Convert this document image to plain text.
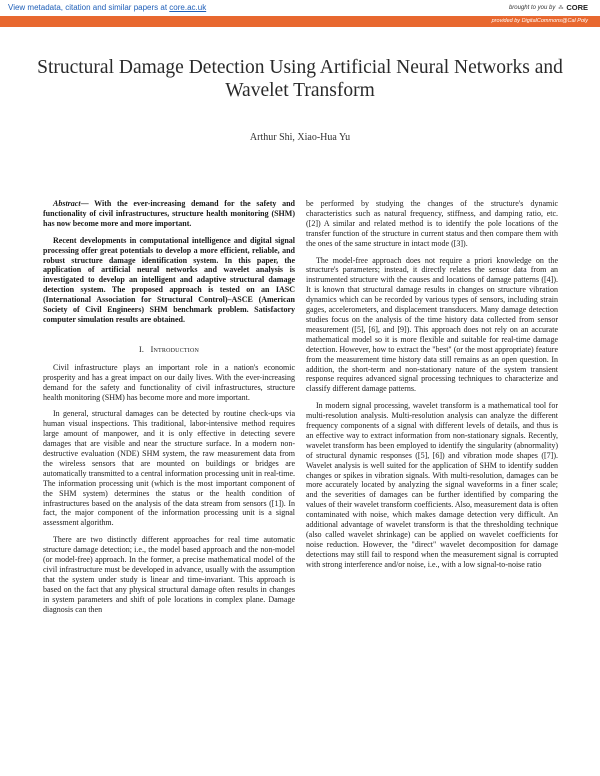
View metadata, citation and similar papers at core.ac.uk	brought to you by ⁂ CORE
provided by DigitalCommons@Cal Poly
Structural Damage Detection Using Artificial Neural Networks and Wavelet Transform
Arthur Shi, Xiao-Hua Yu

Abstract— With the ever-increasing demand for the safety and functionality of civil infrastructures, structure health monitoring (SHM) has now become more and more important.

Recent developments in computational intelligence and digital signal processing offer great potentials to develop a more efficient, reliable, and robust structure damage identification system. In this paper, the application of artificial neural networks and wavelet analysis is investigated to develop an intelligent and adaptive structural damage detection system. The proposed approach is tested on an IASC (International Association for Structural Control)–ASCE (American Society of Civil Engineers) SHM benchmark problem. Satisfactory computer simulation results are obtained.

I. Introduction

Civil infrastructure plays an important role in a nation's economic prosperity and has a great impact on our daily lives. With the ever-increasing demand for the safety and functionality of civil infrastructures, structure health monitoring (SHM) has become more and more important.

In general, structural damages can be detected by routine check-ups via human visual inspections. This traditional, labor-intensive method requires large amount of manpower, and it is only effective in detecting severe damages that are visible and near the structure surface. In a modern non-destructive evaluation (NDE) SHM system, the raw measurement data from the wireless sensors that are mounted on buildings or bridges are automatically transmitted to a central information processing unit in real-time. The information processing unit (which is the most important component of the SHM system) determines the status or the health condition of infrastructures based on the analysis of the data stream from sensors ([1]). In fact, the major component of the information processing unit is a signal assessment algorithm.

There are two distinctly different approaches for real time automatic structure damage detection; i.e., the model based approach and the non-model (or model-free) approach. In the former, a precise mathematical model of the civil infrastructure must be developed in advance, usually with the assumption that the system under study is linear and time-invariant. This approach is based on the fact that any physical structural damage often results in changes in system parameters and shift of pole locations in complex plane. Damage diagnosis can then

be performed by studying the changes of the structure's dynamic characteristics such as natural frequency, stiffness, and damping ratio, etc. ([2]) A similar and related method is to identify the pole locations of the transfer function of the structure in current status and then compare them with the ones of the same structure in intact mode ([3]).

The model-free approach does not require a priori knowledge on the structure's parameters; instead, it directly relates the sensor data from an instrumented structure with the causes and locations of damage patterns ([4]). It is known that structural damage results in changes on structure vibration dynamics which can be recorded by various types of sensors, including strain gages, accelerometers, and displacement transducers. Many damage detection studies focus on the analysis of the time history data collected from sensor measurement ([5], [6], and [9]). This approach does not rely on an accurate mathematical model so it is more flexible and suitable for real-time damage detection. However, how to extract the "best" (or the most appropriate) feature from the measurement time history data still remains as an open question. In addition, the short-term and non-stationary nature of the system transient response requires advanced signal processing techniques to characterize and classify different damage patterns.

In modern signal processing, wavelet transform is a mathematical tool for multi-resolution analysis. Multi-resolution analysis can analyze the different frequency components of a signal with different levels of details, and thus is an effective way to extract information from non-stationary signals. Recently, wavelet transform has been employed to identify the singularity (abnormality) of structural dynamic responses ([5], [6]) and vibration mode shapes ([7]). Wavelet analysis is well suited for the application of SHM to identify sudden changes or spikes in vibration signals. With multi-resolution, damages can be more accurately located by analyzing the signal waveforms in a finer scale; and the severities of damages can be further identified by comparing the values of their wavelet transform coefficients. Also, measurement data is often contaminated with noise, which makes damage detection very difficult. An additional advantage of wavelet transform is that the thresholding technique (also called wavelet shrinkage) can be applied on wavelet coefficients for noise reduction. However, the "direct" wavelet decomposition for damage detections may still fail to respond when the measurement signal is corrupted with strong interference and/or noise, i.e., with a low signal-to-noise ratio
